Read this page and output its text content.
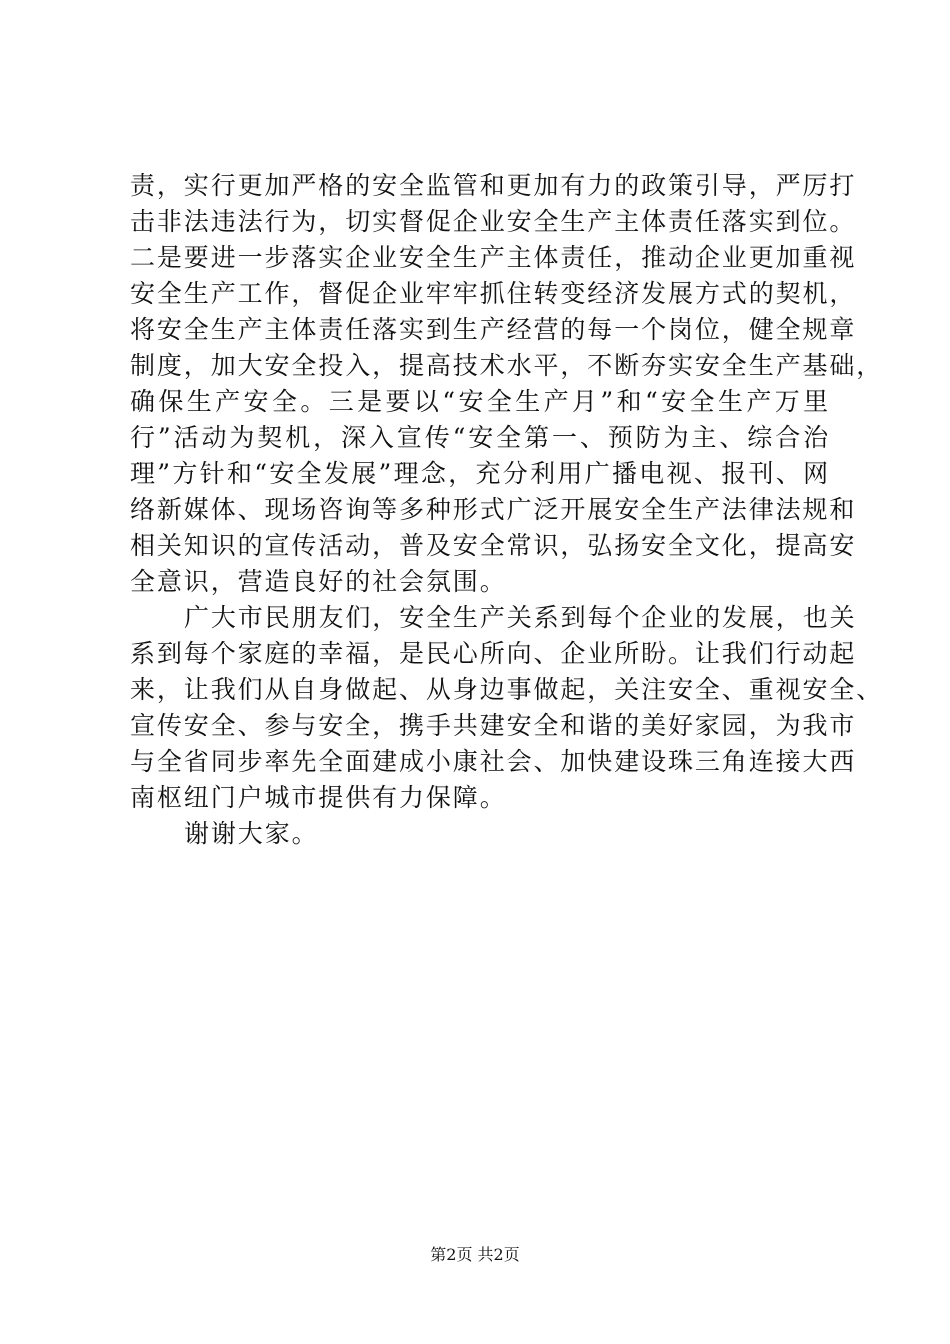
责，实行更加严格的安全监管和更加有力的政策引导，严厉打
击非法违法行为，切实督促企业安全生产主体责任落实到位。
二是要进一步落实企业安全生产主体责任，推动企业更加重视
安全生产工作，督促企业牢牢抓住转变经济发展方式的契机，
将安全生产主体责任落实到生产经营的每一个岗位，健全规章
制度，加大安全投入，提高技术水平，不断夯实安全生产基础，
确保生产安全。三是要以“安全生产月”和“安全生产万里
行”活动为契机，深入宣传“安全第一、预防为主、综合治
理”方针和“安全发展”理念，充分利用广播电视、报刊、网
络新媒体、现场咨询等多种形式广泛开展安全生产法律法规和
相关知识的宣传活动，普及安全常识，弘扬安全文化，提高安
全意识，营造良好的社会氛围。
广大市民朋友们，安全生产关系到每个企业的发展，也关
系到每个家庭的幸福，是民心所向、企业所盼。让我们行动起
来，让我们从自身做起、从身边事做起，关注安全、重视安全、
宣传安全、参与安全，携手共建安全和谐的美好家园，为我市
与全省同步率先全面建成小康社会、加快建设珠三角连接大西
南枢纽门户城市提供有力保障。
谢谢大家。
第2页 共2页
